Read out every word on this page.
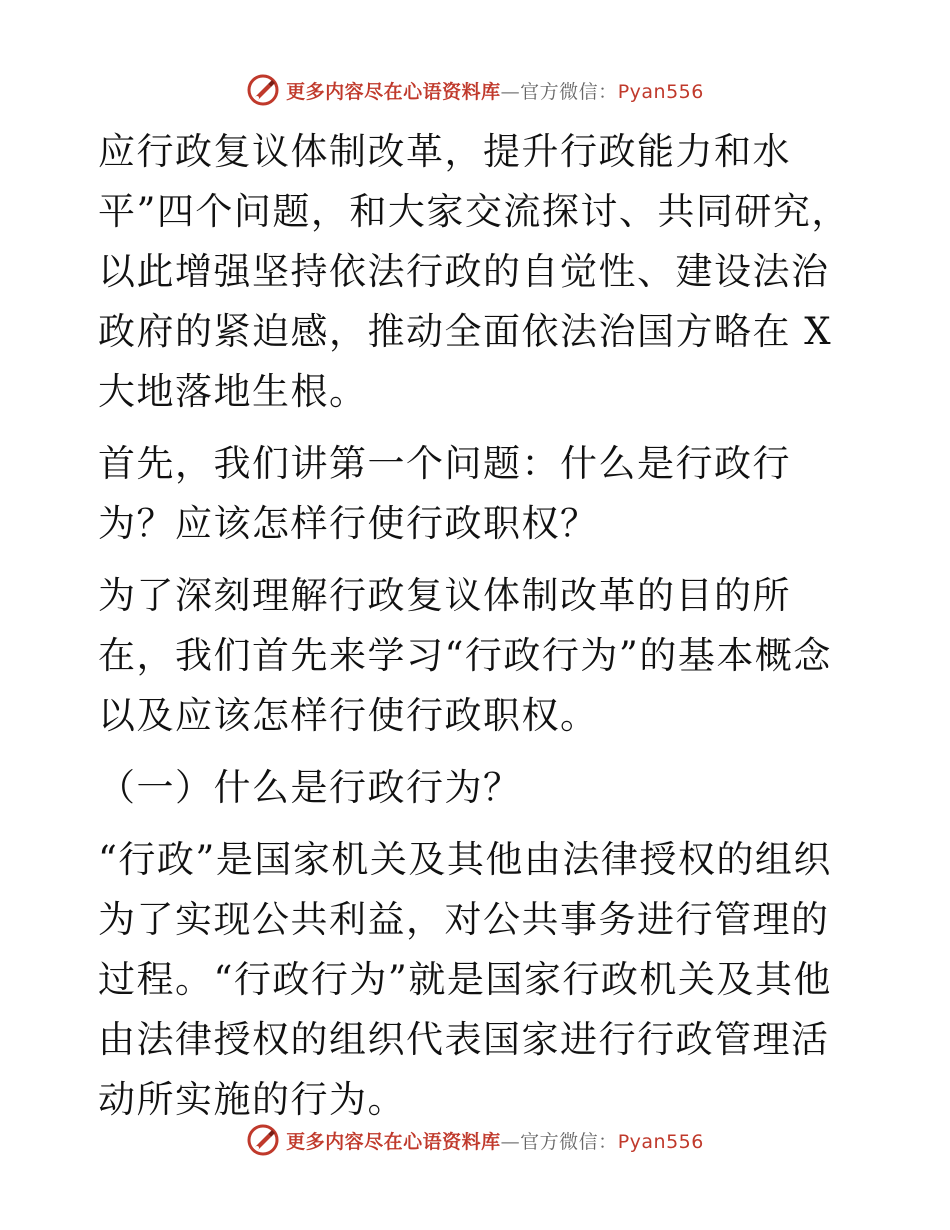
更多内容尽在心语资料库—官方微信：Pyan556

应行政复议体制改革，提升行政能力和水平”四个问题，和大家交流探讨、共同研究，以此增强坚持依法行政的自觉性、建设法治政府的紧迫感，推动全面依法治国方略在 X 大地落地生根。

首先，我们讲第一个问题：什么是行政行为？应该怎样行使行政职权？

为了深刻理解行政复议体制改革的目的所在，我们首先来学习“行政行为”的基本概念以及应该怎样行使行政职权。

（一）什么是行政行为？

“行政”是国家机关及其他由法律授权的组织为了实现公共利益，对公共事务进行管理的过程。“行政行为”就是国家行政机关及其他由法律授权的组织代表国家进行行政管理活动所实施的行为。

更多内容尽在心语资料库—官方微信：Pyan556
